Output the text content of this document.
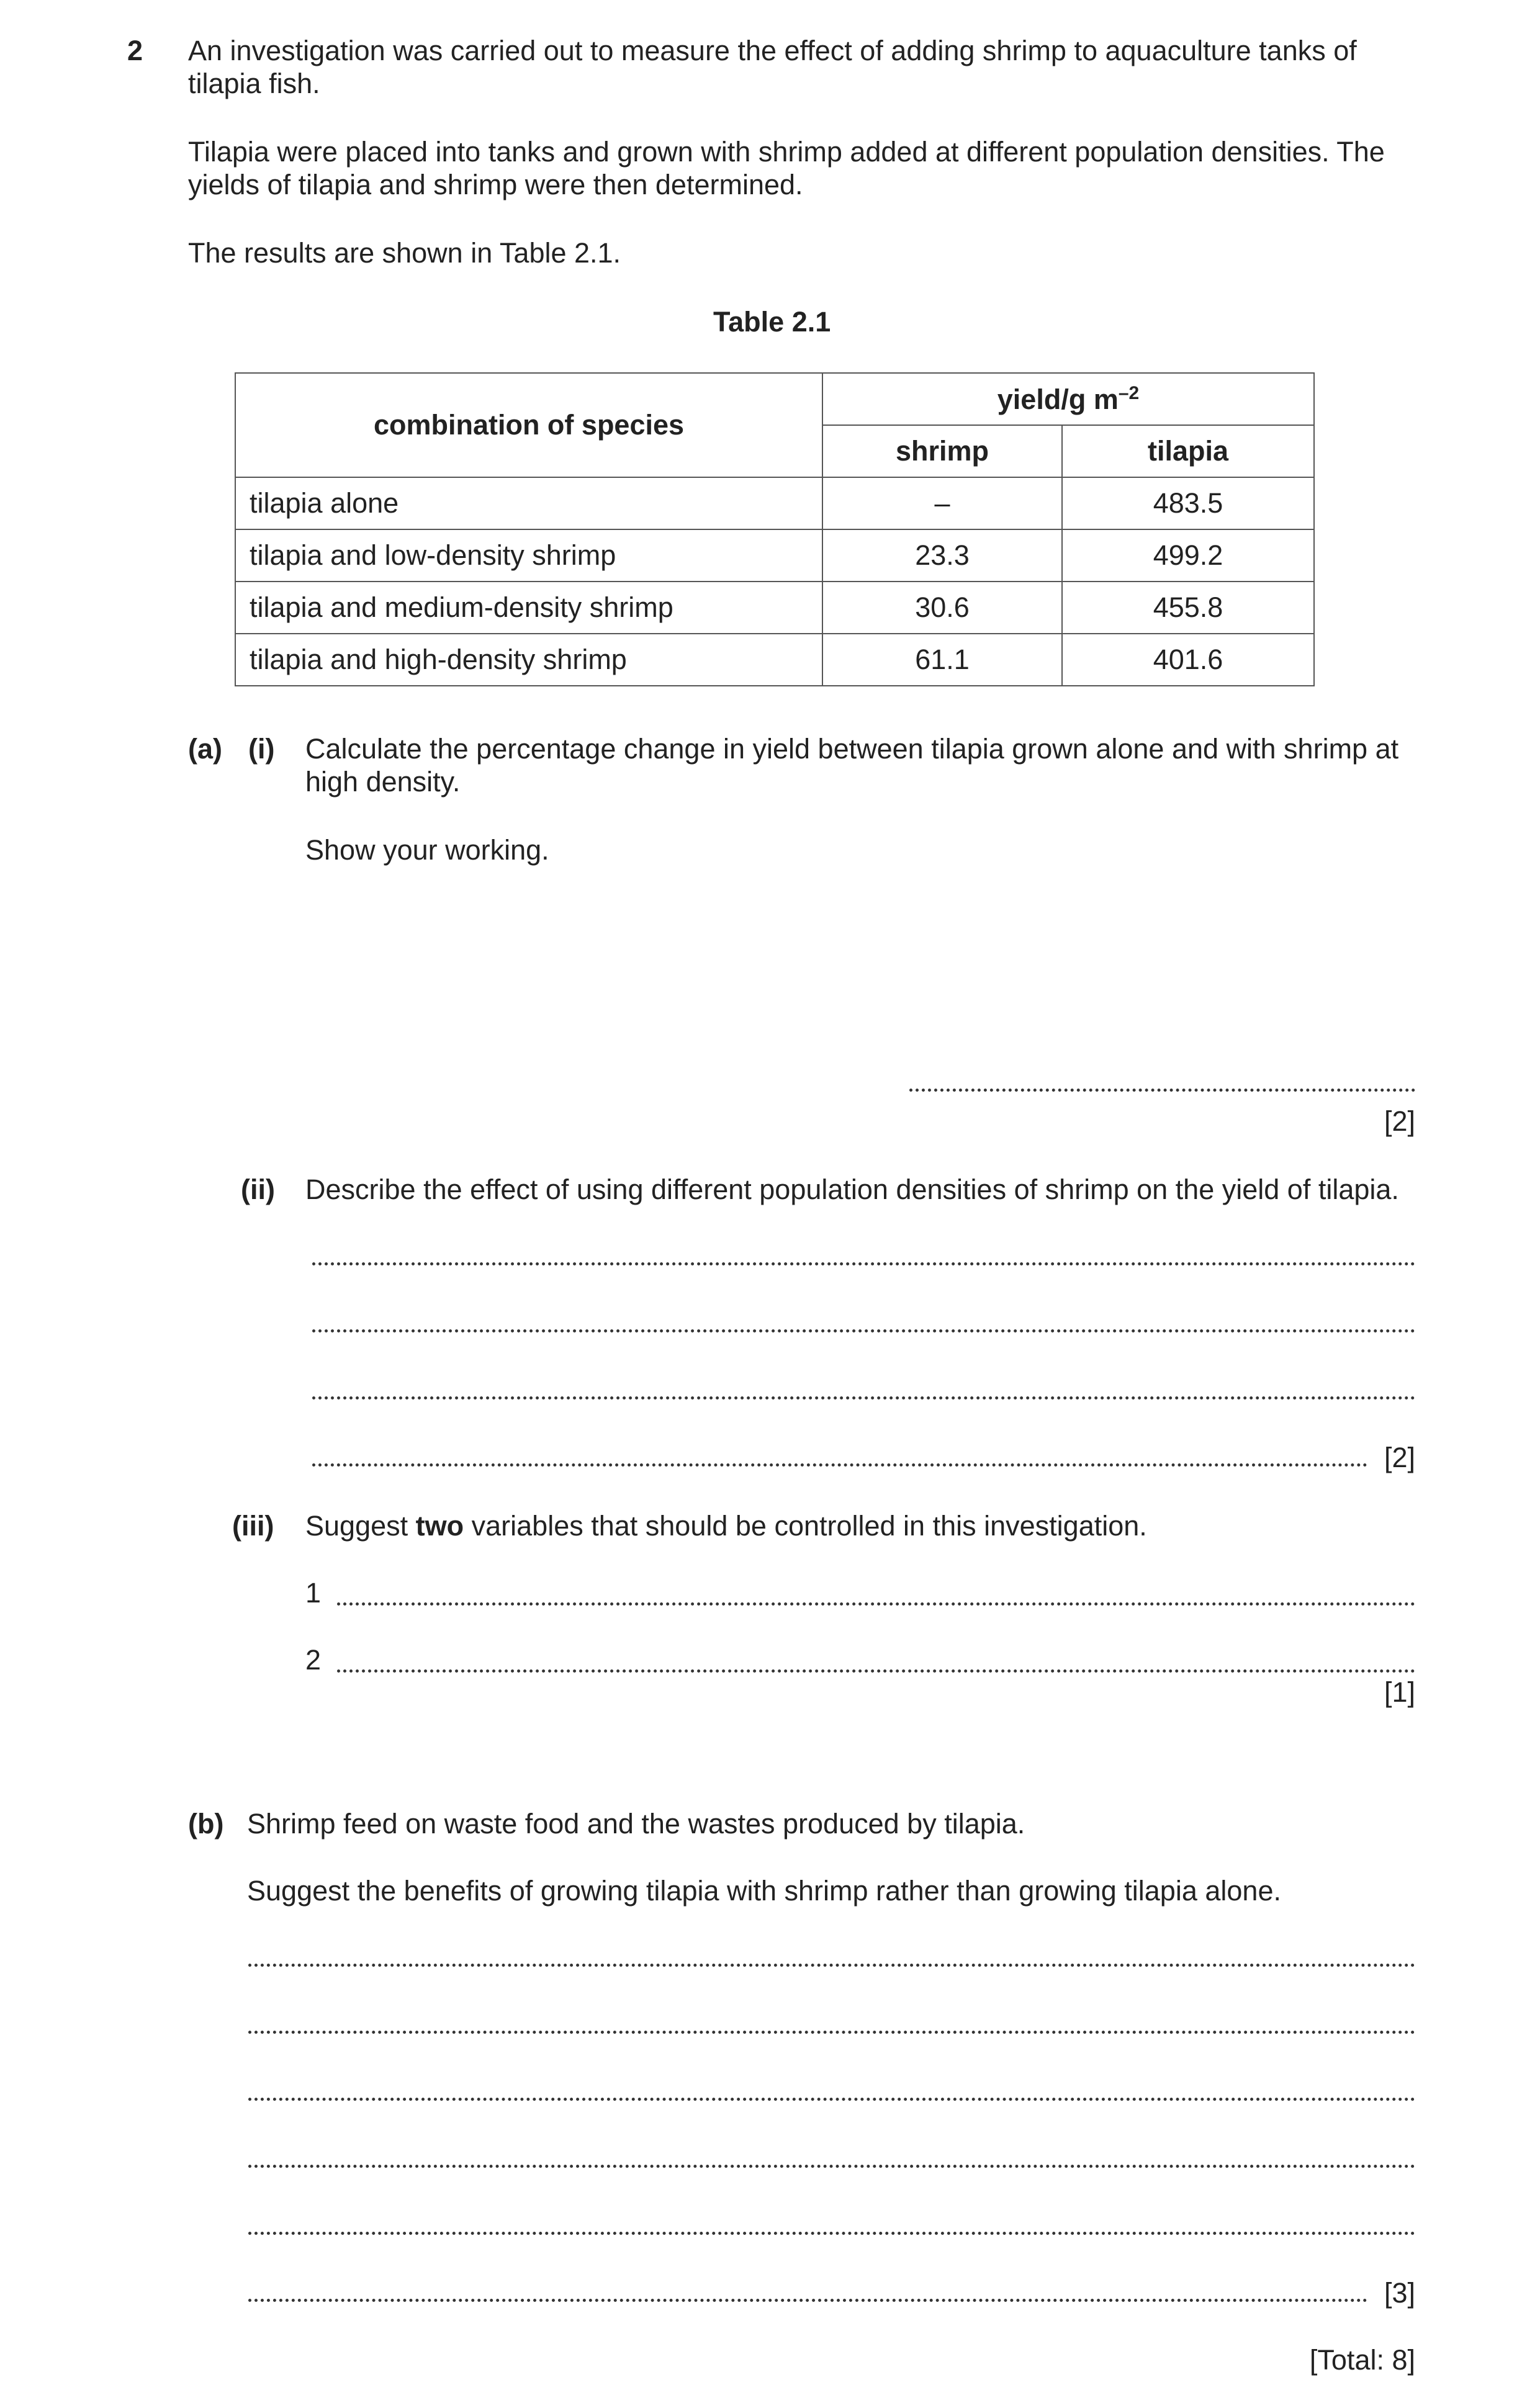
2 An investigation was carried out to measure the effect of adding shrimp to aquaculture tanks of
tilapia fish.
Tilapia were placed into tanks and grown with shrimp added at different population densities. The
yields of tilapia and shrimp were then determined.
The results are shown in Table 2.1.
Table 2.1
combination of species	yield/g $m^{-2}$
	shrimp	tilapia
tilapia alone	–	483.5
tilapia and low-density shrimp	23.3	499.2
tilapia and medium-density shrimp	30.6	455.8
tilapia and high-density shrimp	61.1	401.6
(a) (i) Calculate the percentage change in yield between tilapia grown alone and with shrimp at
high density.
Show your working.
[2]
(ii) Describe the effect of using different population densities of shrimp on the yield of tilapia.
[2]
(iii) Suggest two variables that should be controlled in this investigation.
1
2
[1]
(b) Shrimp feed on waste food and the wastes produced by tilapia.
Suggest the benefits of growing tilapia with shrimp rather than growing tilapia alone.
[3]
[Total: 8]
